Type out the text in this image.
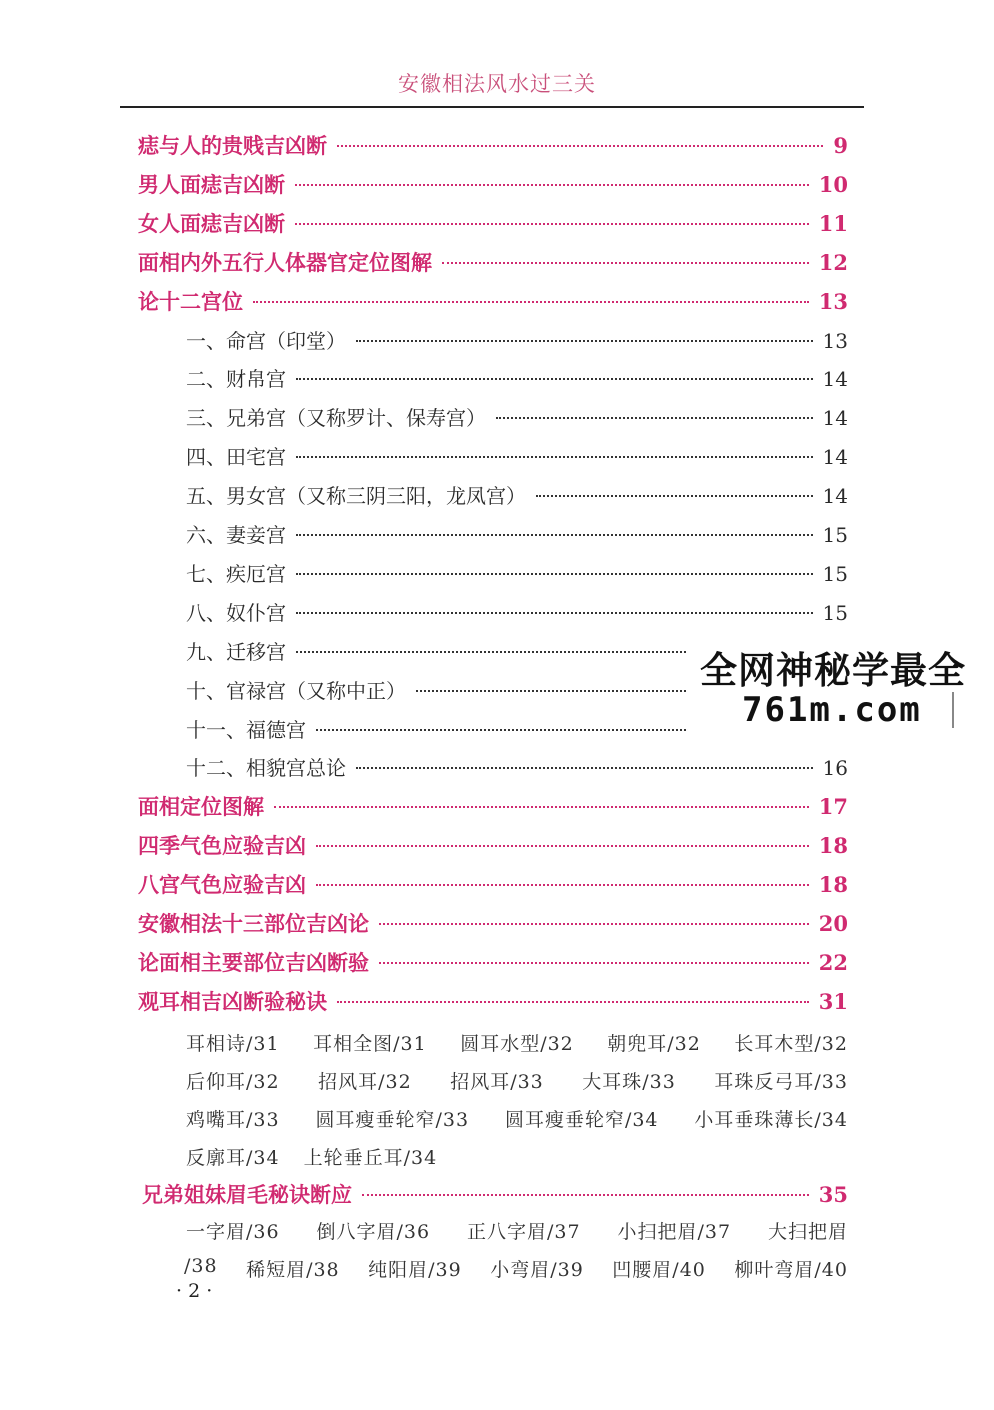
安徽相法风水过三关
痣与人的贵贱吉凶断	9
男人面痣吉凶断	10
女人面痣吉凶断	11
面相内外五行人体器官定位图解	12
论十二宫位	13
一、命宫（印堂）	13
二、财帛宫	14
三、兄弟宫（又称罗计、保寿宫）	14
四、田宅宫	14
五、男女宫（又称三阴三阳，龙凤宫）	14
六、妻妾宫	15
七、疾厄宫	15
八、奴仆宫	15
九、迁移宫
十、官禄宫（又称中正）
十一、福德宫
十二、相貌宫总论	16
面相定位图解	17
四季气色应验吉凶	18
八宫气色应验吉凶	18
安徽相法十三部位吉凶论	20
论面相主要部位吉凶断验	22
观耳相吉凶断验秘诀	31
耳相诗/31 耳相全图/31 圆耳水型/32 朝兜耳/32 长耳木型/32
后仰耳/32 招风耳/32 招风耳/33 大耳珠/33 耳珠反弓耳/33
鸡嘴耳/33 圆耳瘦垂轮窄/33 圆耳瘦垂轮窄/34 小耳垂珠薄长/34
反廓耳/34 上轮垂丘耳/34
兄弟姐妹眉毛秘诀断应	35
一字眉/36 倒八字眉/36 正八字眉/37 小扫把眉/37 大扫把眉
/38 稀短眉/38 纯阳眉/39 小弯眉/39 凹腰眉/40 柳叶弯眉/40
· 2 ·
全网神秘学最全
761m.com
